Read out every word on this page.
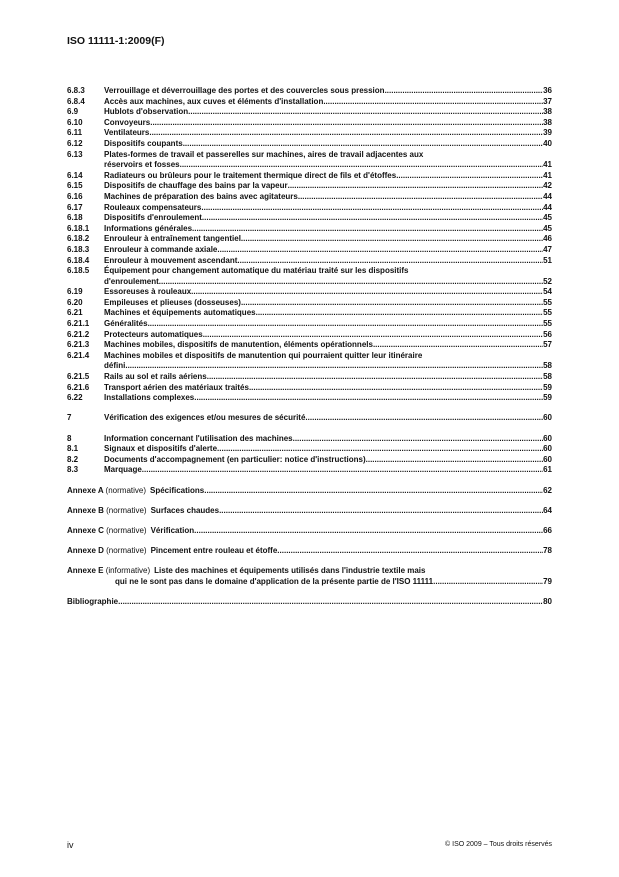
ISO 11111-1:2009(F)
6.8.3	Verrouillage et déverrouillage des portes et des couvercles sous pression .....	36
6.8.4	Accès aux machines, aux cuves et éléments d'installation .....	37
6.9	Hublots d'observation .....	38
6.10	Convoyeurs .....	38
6.11	Ventilateurs .....	39
6.12	Dispositifs coupants .....	40
6.13	Plates-formes de travail et passerelles sur machines, aires de travail adjacentes aux
réservoirs et fosses .....	41
6.14	Radiateurs ou brûleurs pour le traitement thermique direct de fils et d'étoffes .....	41
6.15	Dispositifs de chauffage des bains par la vapeur .....	42
6.16	Machines de préparation des bains avec agitateurs .....	44
6.17	Rouleaux compensateurs .....	44
6.18	Dispositifs d'enroulement .....	45
6.18.1	Informations générales .....	45
6.18.2	Enrouleur à entraînement tangentiel .....	46
6.18.3	Enrouleur à commande axiale .....	47
6.18.4	Enrouleur à mouvement ascendant .....	51
6.18.5	Équipement pour changement automatique du matériau traité sur les dispositifs
d'enroulement .....	52
6.19	Essoreuses à rouleaux .....	54
6.20	Empileuses et plieuses (dosseuses) .....	55
6.21	Machines et équipements automatiques .....	55
6.21.1	Généralités .....	55
6.21.2	Protecteurs automatiques .....	56
6.21.3	Machines mobiles, dispositifs de manutention, éléments opérationnels .....	57
6.21.4	Machines mobiles et dispositifs de manutention qui pourraient quitter leur itinéraire
défini .....	58
6.21.5	Rails au sol et rails aériens .....	58
6.21.6	Transport aérien des matériaux traités .....	59
6.22	Installations complexes .....	59
7	Vérification des exigences et/ou mesures de sécurité .....	60
8	Information concernant l'utilisation des machines .....	60
8.1	Signaux et dispositifs d'alerte .....	60
8.2	Documents d'accompagnement (en particulier: notice d'instructions) .....	60
8.3	Marquage .....	61
Annexe A (normative) Spécifications .....	62
Annexe B (normative) Surfaces chaudes .....	64
Annexe C (normative) Vérification .....	66
Annexe D (normative) Pincement entre rouleau et étoffe .....	78
Annexe E (informative) Liste des machines et équipements utilisés dans l'industrie textile mais
qui ne le sont pas dans le domaine d'application de la présente partie de l'ISO 11111 .....	79
Bibliographie .....	80
iv	© ISO 2009 – Tous droits réservés
